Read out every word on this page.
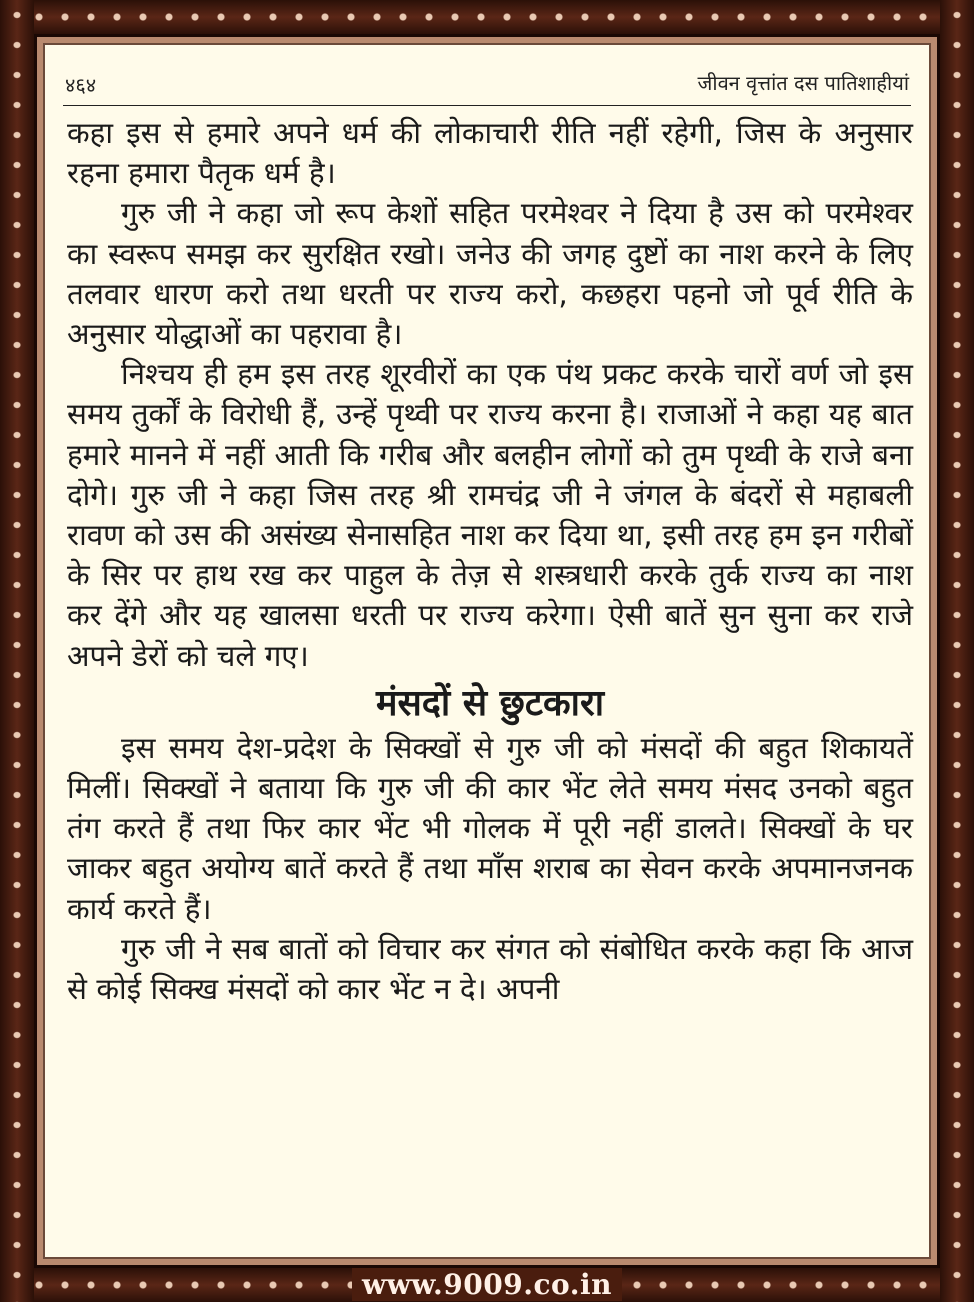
www.9009.co.in
४६४	जीवन वृत्तांत दस पातिशाहीयां

कहा इस से हमारे अपने धर्म की लोकाचारी रीति नहीं रहेगी, जिस के अनुसार रहना हमारा पैतृक धर्म है।

गुरु जी ने कहा जो रूप केशों सहित परमेश्वर ने दिया है उस को परमेश्वर का स्वरूप समझ कर सुरक्षित रखो। जनेउ की जगह दुष्टों का नाश करने के लिए तलवार धारण करो तथा धरती पर राज्य करो, कछहरा पहनो जो पूर्व रीति के अनुसार योद्धाओं का पहरावा है।

निश्चय ही हम इस तरह शूरवीरों का एक पंथ प्रकट करके चारों वर्ण जो इस समय तुर्कों के विरोधी हैं, उन्हें पृथ्वी पर राज्य करना है। राजाओं ने कहा यह बात हमारे मानने में नहीं आती कि गरीब और बलहीन लोगों को तुम पृथ्वी के राजे बना दोगे। गुरु जी ने कहा जिस तरह श्री रामचंद्र जी ने जंगल के बंदरों से महाबली रावण को उस की असंख्य सेनासहित नाश कर दिया था, इसी तरह हम इन गरीबों के सिर पर हाथ रख कर पाहुल के तेज़ से शस्त्रधारी करके तुर्क राज्य का नाश कर देंगे और यह खालसा धरती पर राज्य करेगा। ऐसी बातें सुन सुना कर राजे अपने डेरों को चले गए।

मंसदों से छुटकारा

इस समय देश-प्रदेश के सिक्खों से गुरु जी को मंसदों की बहुत शिकायतें मिलीं। सिक्खों ने बताया कि गुरु जी की कार भेंट लेते समय मंसद उनको बहुत तंग करते हैं तथा फिर कार भेंट भी गोलक में पूरी नहीं डालते। सिक्खों के घर जाकर बहुत अयोग्य बातें करते हैं तथा माँस शराब का सेवन करके अपमानजनक कार्य करते हैं।

गुरु जी ने सब बातों को विचार कर संगत को संबोधित करके कहा कि आज से कोई सिक्ख मंसदों को कार भेंट न दे। अपनी
